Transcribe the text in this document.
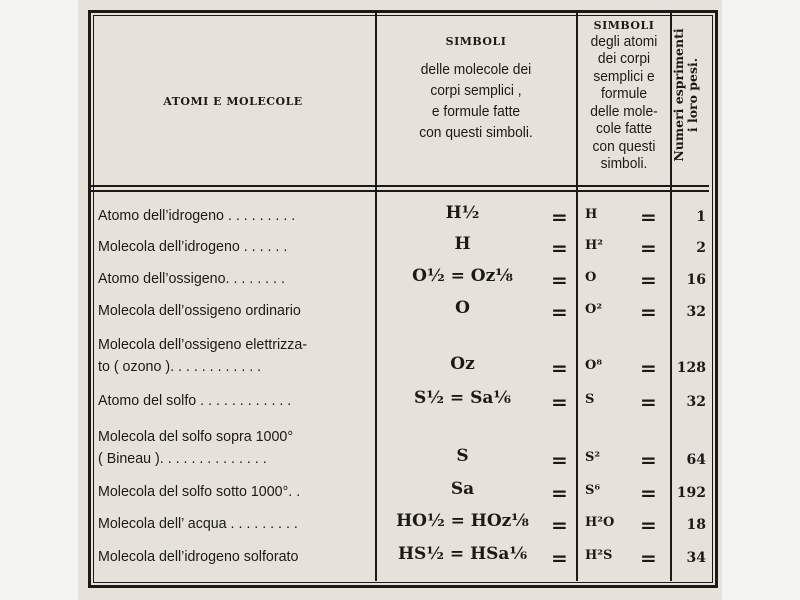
ATOMI E MOLECOLE
SIMBOLI
delle molecole dei
corpi semplici ,
e formule fatte
con questi simboli.
SIMBOLI
degli atomi
dei corpi
semplici e
formule
delle mole-
cole fatte
con questi
simboli.
Numeri esprimenti i loro pesi.
Atomo dell’idrogeno . . . . . . . . .	H½	= H =	1
Molecola dell’idrogeno . . . . . .	H	= H² =	2
Atomo dell’ossigeno. . . . . . . .	O½ = Oz⅛	= O =	16
Molecola dell’ossigeno ordinario	O	= O² =	32
Molecola dell’ossigeno elettrizza-
to ( ozono ). . . . . . . . . . . .	Oz	= O⁸ =	128
Atomo del solfo . . . . . . . . . . . .	S½ = Sa⅙	= S =	32
Molecola del solfo sopra 1000°
( Bineau ). . . . . . . . . . . . . .	S	= S² =	64
Molecola del solfo sotto 1000°. .	Sa	= S⁶ =	192
Molecola dell’ acqua . . . . . . . . .	HO½ = HOz⅛	= H²O =	18
Molecola dell’idrogeno solforato	HS½ = HSa⅙	= H²S =	34
